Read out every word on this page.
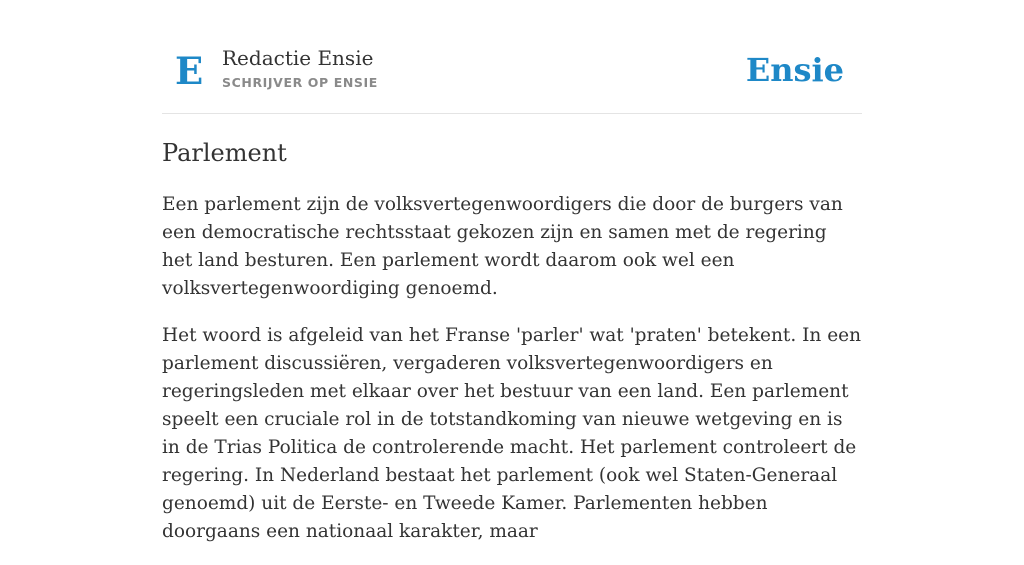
E Redactie Ensie
SCHRIJVER OP ENSIE	Ensie
Parlement

Een parlement zijn de volksvertegenwoordigers die door de burgers van een democratische rechtsstaat gekozen zijn en samen met de regering het land besturen. Een parlement wordt daarom ook wel een volksvertegenwoordiging genoemd.

Het woord is afgeleid van het Franse 'parler' wat 'praten' betekent. In een parlement discussiëren, vergaderen volksvertegenwoordigers en regeringsleden met elkaar over het bestuur van een land. Een parlement speelt een cruciale rol in de totstandkoming van nieuwe wetgeving en is in de Trias Politica de controlerende macht. Het parlement controleert de regering. In Nederland bestaat het parlement (ook wel Staten-Generaal genoemd) uit de Eerste- en Tweede Kamer. Parlementen hebben doorgaans een nationaal karakter, maar
